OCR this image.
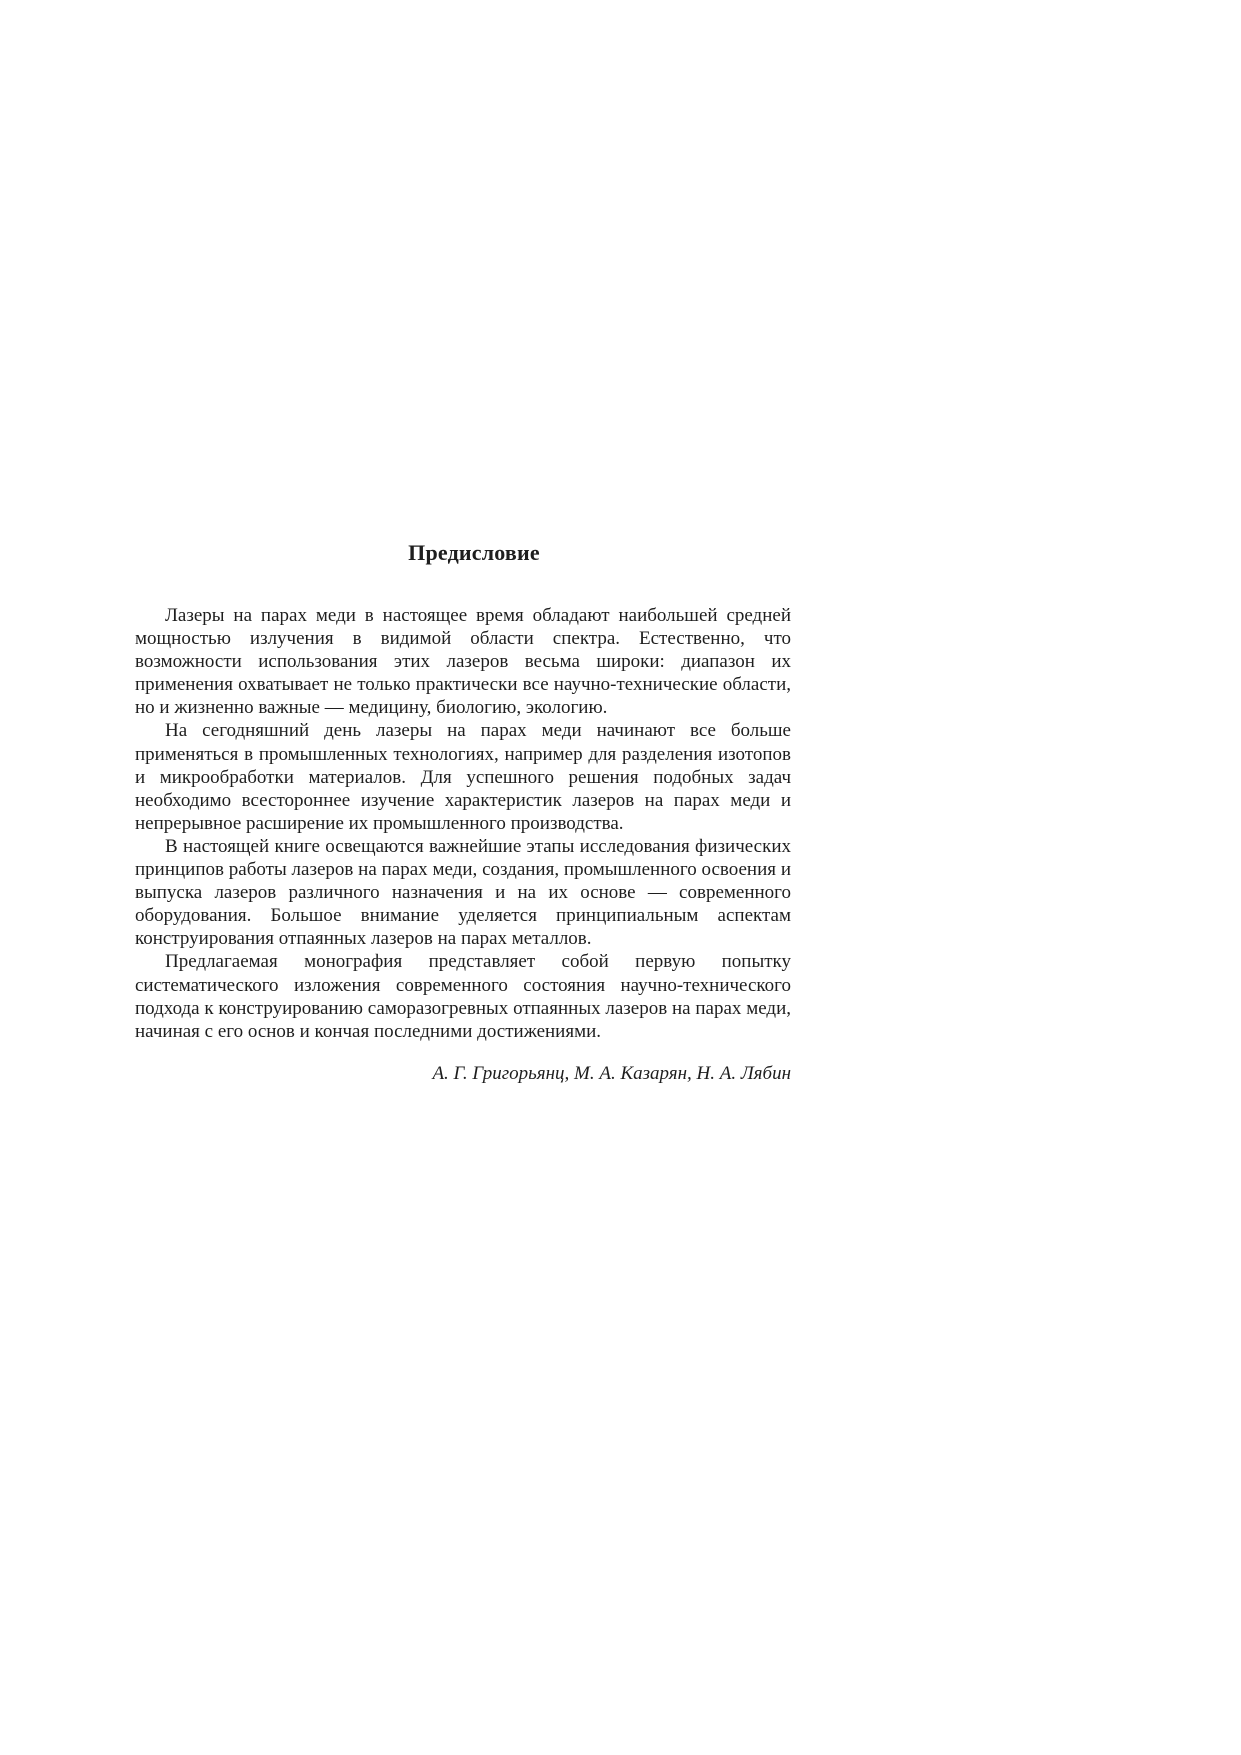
Предисловие

Лазеры на парах меди в настоящее время обладают наибольшей средней мощностью излучения в видимой области спектра. Естественно, что возможности использования этих лазеров весьма широки: диапазон их применения охватывает не только практически все научно-технические области, но и жизненно важные — медицину, биологию, экологию.

На сегодняшний день лазеры на парах меди начинают все больше применяться в промышленных технологиях, например для разделения изотопов и микрообработки материалов. Для успешного решения подобных задач необходимо всестороннее изучение характеристик лазеров на парах меди и непрерывное расширение их промышленного производства.

В настоящей книге освещаются важнейшие этапы исследования физических принципов работы лазеров на парах меди, создания, промышленного освоения и выпуска лазеров различного назначения и на их основе — современного оборудования. Большое внимание уделяется принципиальным аспектам конструирования отпаянных лазеров на парах металлов.

Предлагаемая монография представляет собой первую попытку систематического изложения современного состояния научно-технического подхода к конструированию саморазогревных отпаянных лазеров на парах меди, начиная с его основ и кончая последними достижениями.

А. Г. Григорьянц, М. А. Казарян, Н. А. Лябин
